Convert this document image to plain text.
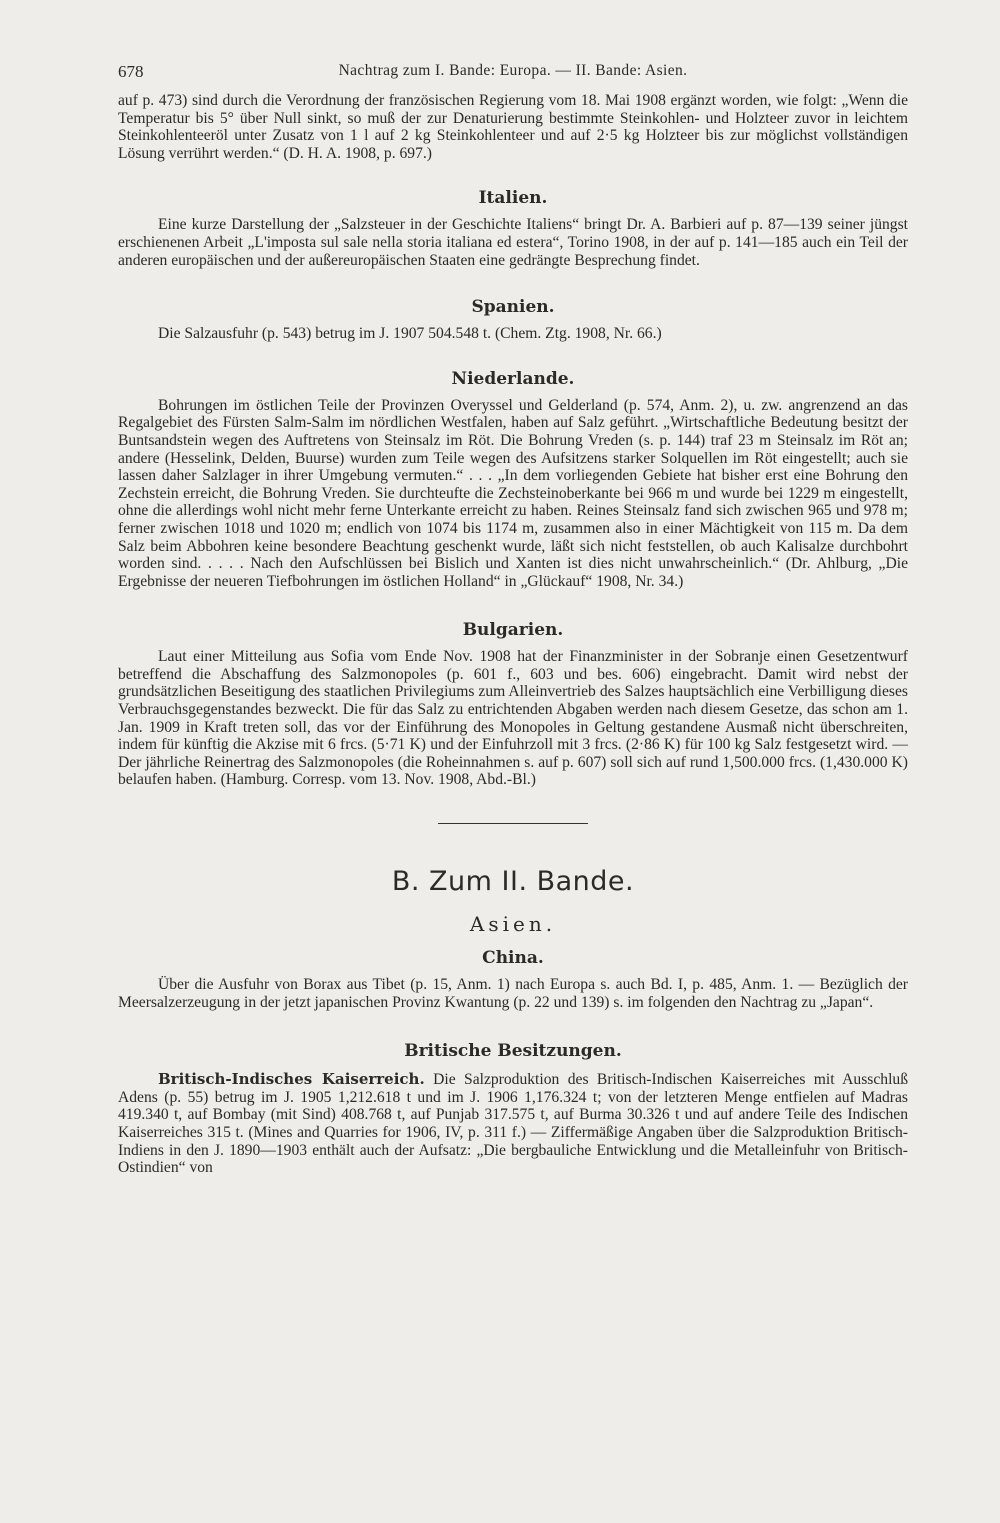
678	Nachtrag zum I. Bande: Europa. — II. Bande: Asien.

auf p. 473) sind durch die Verordnung der französischen Regierung vom 18. Mai 1908 ergänzt worden, wie folgt: „Wenn die Temperatur bis 5° über Null sinkt, so muß der zur Denaturierung bestimmte Steinkohlen- und Holzteer zuvor in leichtem Steinkohlenteeröl unter Zusatz von 1 l auf 2 kg Steinkohlenteer und auf 2·5 kg Holzteer bis zur möglichst vollständigen Lösung verrührt werden.“ (D. H. A. 1908, p. 697.)

Italien.

Eine kurze Darstellung der „Salzsteuer in der Geschichte Italiens“ bringt Dr. A. Barbieri auf p. 87—139 seiner jüngst erschienenen Arbeit „L'imposta sul sale nella storia italiana ed estera“, Torino 1908, in der auf p. 141—185 auch ein Teil der anderen europäischen und der außereuropäischen Staaten eine gedrängte Besprechung findet.

Spanien.

Die Salzausfuhr (p. 543) betrug im J. 1907 504.548 t. (Chem. Ztg. 1908, Nr. 66.)

Niederlande.

Bohrungen im östlichen Teile der Provinzen Overyssel und Gelderland (p. 574, Anm. 2), u. zw. angrenzend an das Regalgebiet des Fürsten Salm-Salm im nördlichen Westfalen, haben auf Salz geführt. „Wirtschaftliche Bedeutung besitzt der Buntsandstein wegen des Auftretens von Steinsalz im Röt. Die Bohrung Vreden (s. p. 144) traf 23 m Steinsalz im Röt an; andere (Hesselink, Delden, Buurse) wurden zum Teile wegen des Aufsitzens starker Solquellen im Röt eingestellt; auch sie lassen daher Salzlager in ihrer Umgebung vermuten.“ . . . „In dem vorliegenden Gebiete hat bisher erst eine Bohrung den Zechstein erreicht, die Bohrung Vreden. Sie durchteufte die Zechsteinoberkante bei 966 m und wurde bei 1229 m eingestellt, ohne die allerdings wohl nicht mehr ferne Unterkante erreicht zu haben. Reines Steinsalz fand sich zwischen 965 und 978 m; ferner zwischen 1018 und 1020 m; endlich von 1074 bis 1174 m, zusammen also in einer Mächtigkeit von 115 m. Da dem Salz beim Abbohren keine besondere Beachtung geschenkt wurde, läßt sich nicht feststellen, ob auch Kalisalze durchbohrt worden sind. . . . . Nach den Aufschlüssen bei Bislich und Xanten ist dies nicht unwahrscheinlich.“ (Dr. Ahlburg, „Die Ergebnisse der neueren Tiefbohrungen im östlichen Holland“ in „Glückauf“ 1908, Nr. 34.)

Bulgarien.

Laut einer Mitteilung aus Sofia vom Ende Nov. 1908 hat der Finanzminister in der Sobranje einen Gesetzentwurf betreffend die Abschaffung des Salzmonopoles (p. 601 f., 603 und bes. 606) eingebracht. Damit wird nebst der grundsätzlichen Beseitigung des staatlichen Privilegiums zum Alleinvertrieb des Salzes hauptsächlich eine Verbilligung dieses Verbrauchsgegenstandes bezweckt. Die für das Salz zu entrichtenden Abgaben werden nach diesem Gesetze, das schon am 1. Jan. 1909 in Kraft treten soll, das vor der Einführung des Monopoles in Geltung gestandene Ausmaß nicht überschreiten, indem für künftig die Akzise mit 6 frcs. (5·71 K) und der Einfuhrzoll mit 3 frcs. (2·86 K) für 100 kg Salz festgesetzt wird. — Der jährliche Reinertrag des Salzmonopoles (die Roheinnahmen s. auf p. 607) soll sich auf rund 1,500.000 frcs. (1,430.000 K) belaufen haben. (Hamburg. Corresp. vom 13. Nov. 1908, Abd.-Bl.)

B. Zum II. Bande.
Asien.
China.

Über die Ausfuhr von Borax aus Tibet (p. 15, Anm. 1) nach Europa s. auch Bd. I, p. 485, Anm. 1. — Bezüglich der Meersalzerzeugung in der jetzt japanischen Provinz Kwantung (p. 22 und 139) s. im folgenden den Nachtrag zu „Japan“.

Britische Besitzungen.

Britisch-Indisches Kaiserreich. Die Salzproduktion des Britisch-Indischen Kaiserreiches mit Ausschluß Adens (p. 55) betrug im J. 1905 1,212.618 t und im J. 1906 1,176.324 t; von der letzteren Menge entfielen auf Madras 419.340 t, auf Bombay (mit Sind) 408.768 t, auf Punjab 317.575 t, auf Burma 30.326 t und auf andere Teile des Indischen Kaiserreiches 315 t. (Mines and Quarries for 1906, IV, p. 311 f.) — Ziffermäßige Angaben über die Salzproduktion Britisch-Indiens in den J. 1890—1903 enthält auch der Aufsatz: „Die bergbauliche Entwicklung und die Metalleinfuhr von Britisch-Ostindien“ von
